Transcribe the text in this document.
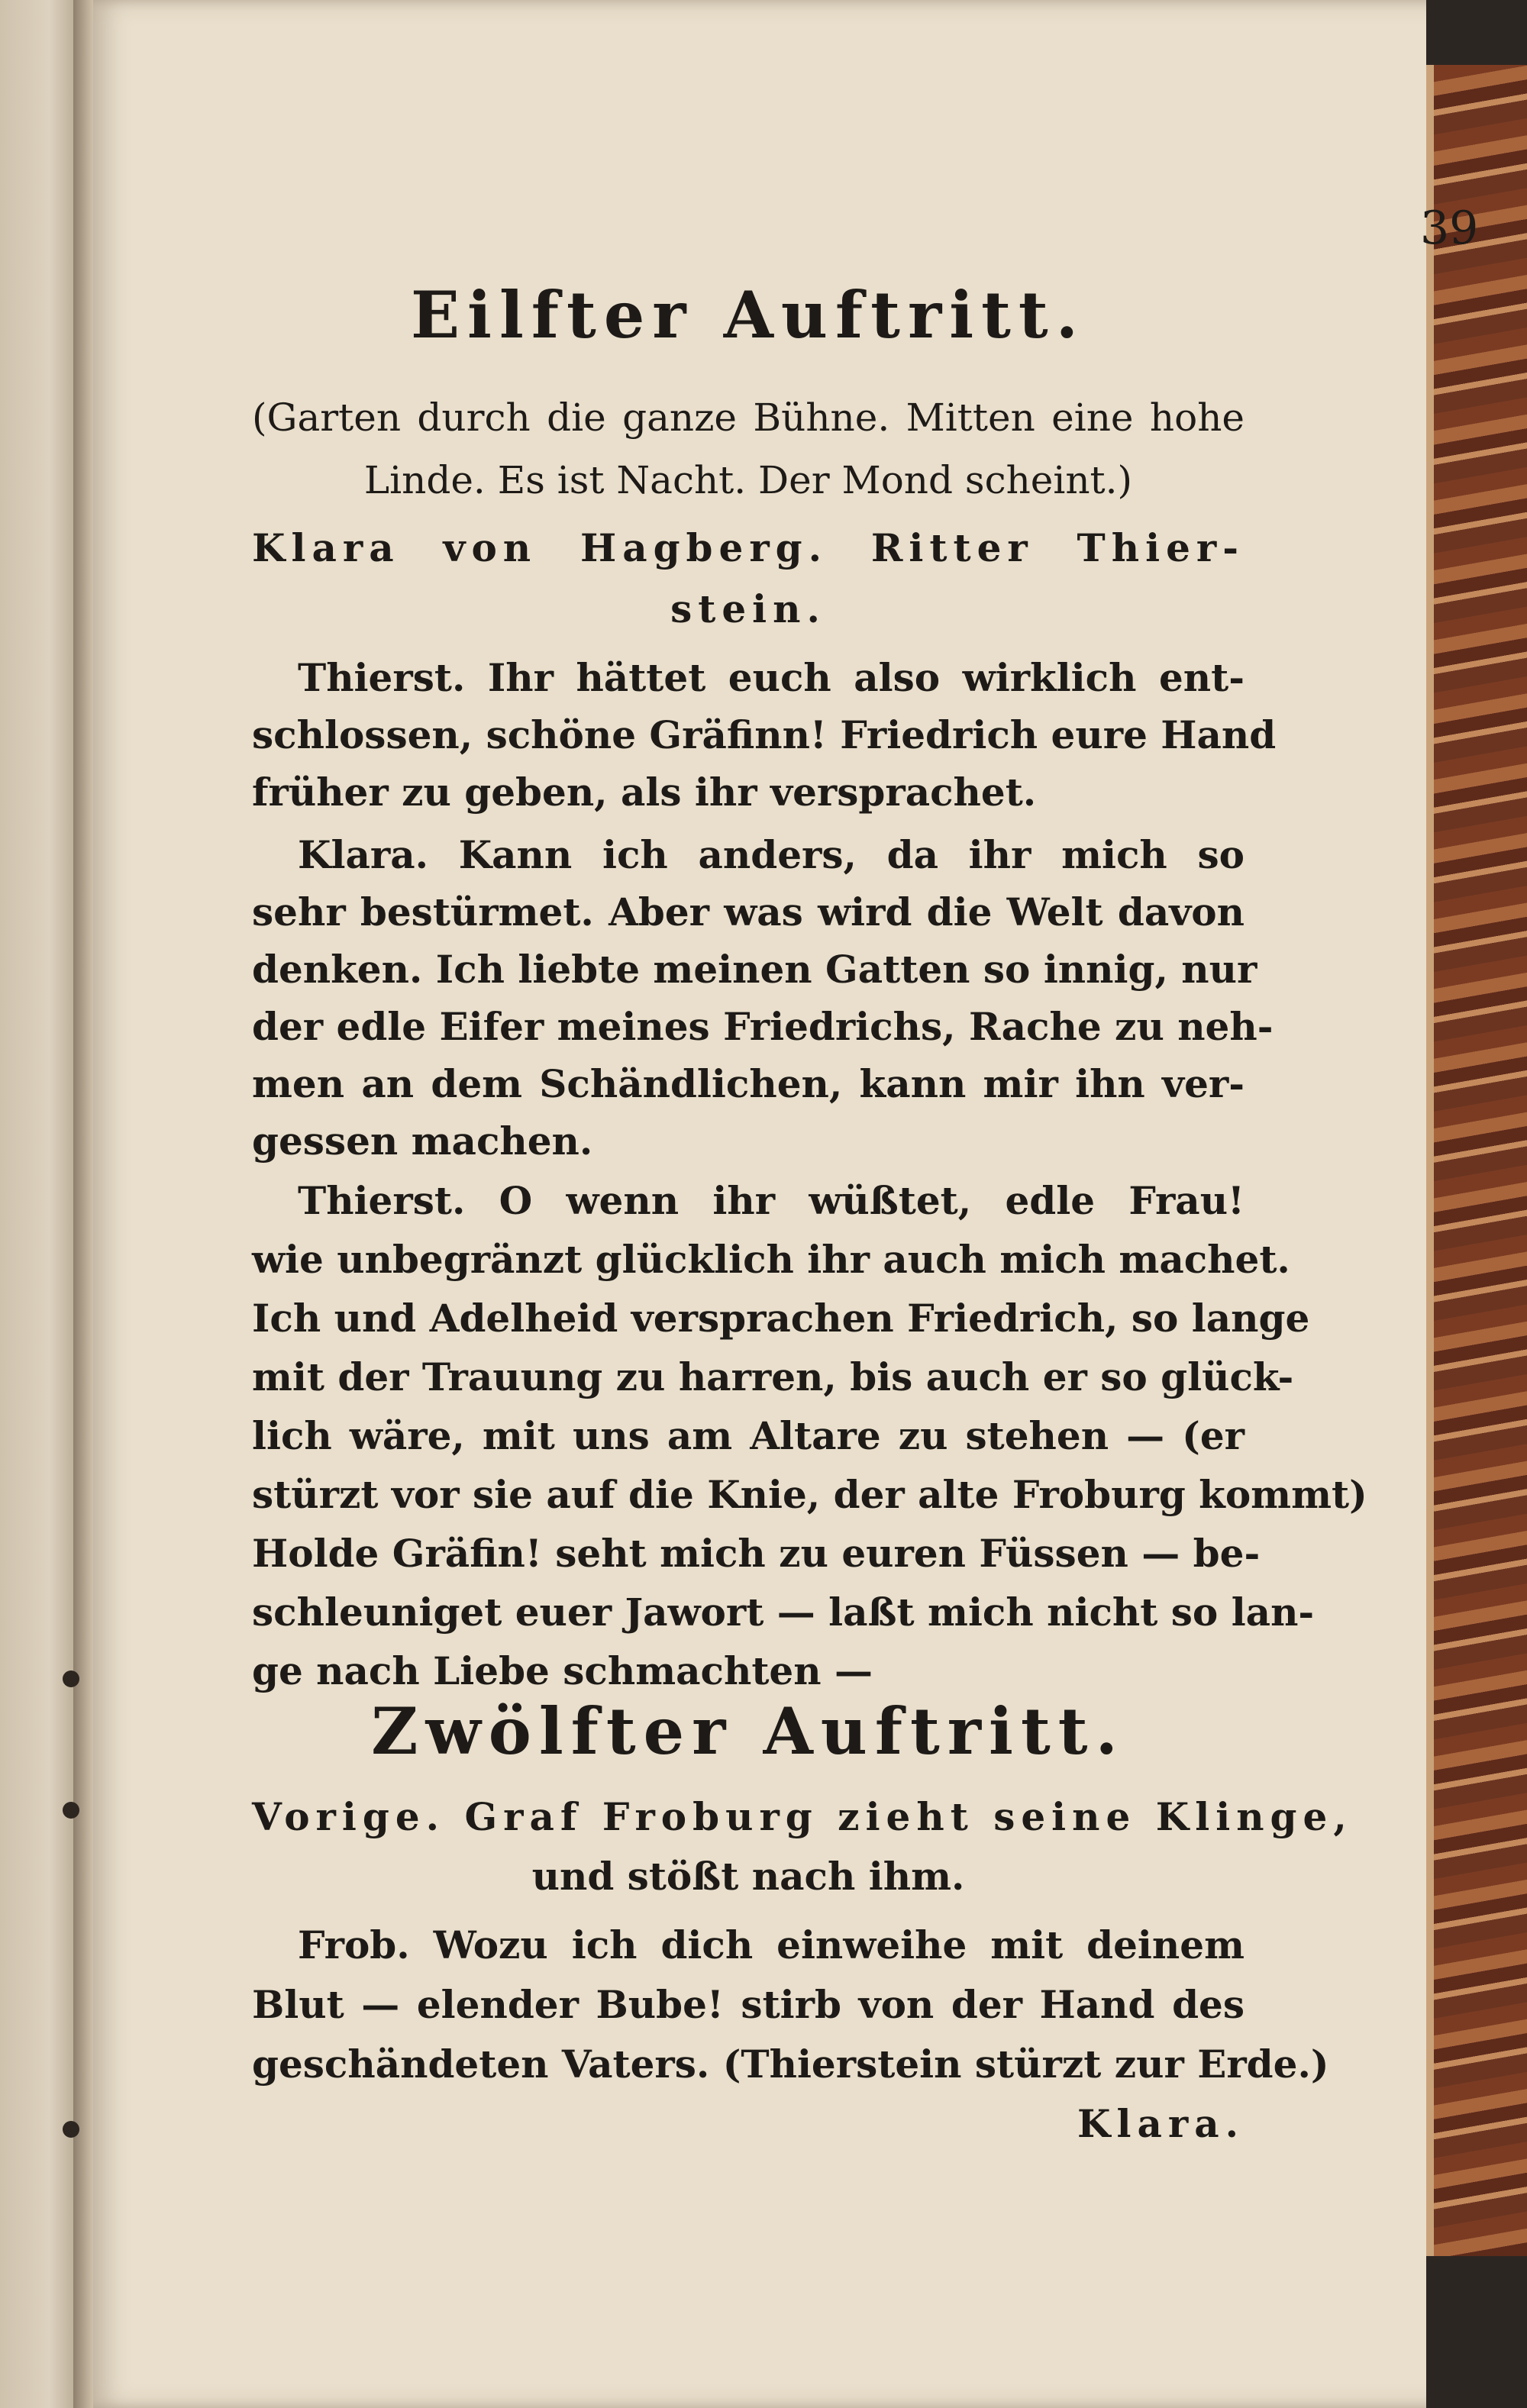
39
Eilfter Auftritt.
(Garten durch die ganze Bühne. Mitten eine hohe
Linde. Es ist Nacht. Der Mond scheint.)
Klara von Hagberg. Ritter Thier-
stein.
Thierst. Ihr hättet euch also wirklich ent-
schlossen, schöne Gräfinn! Friedrich eure Hand
früher zu geben, als ihr versprachet.
Klara. Kann ich anders, da ihr mich so
sehr bestürmet. Aber was wird die Welt davon
denken. Ich liebte meinen Gatten so innig, nur
der edle Eifer meines Friedrichs, Rache zu neh-
men an dem Schändlichen, kann mir ihn ver-
gessen machen.
Thierst. O wenn ihr wüßtet, edle Frau!
wie unbegränzt glücklich ihr auch mich machet.
Ich und Adelheid versprachen Friedrich, so lange
mit der Trauung zu harren, bis auch er so glück-
lich wäre, mit uns am Altare zu stehen — (er
stürzt vor sie auf die Knie, der alte Froburg kommt)
Holde Gräfin! seht mich zu euren Füssen — be-
schleuniget euer Jawort — laßt mich nicht so lan-
ge nach Liebe schmachten —
Zwölfter Auftritt.
Vorige. Graf Froburg zieht seine Klinge,
und stößt nach ihm.
Frob. Wozu ich dich einweihe mit deinem
Blut — elender Bube! stirb von der Hand des
geschändeten Vaters. (Thierstein stürzt zur Erde.)
Klara.
